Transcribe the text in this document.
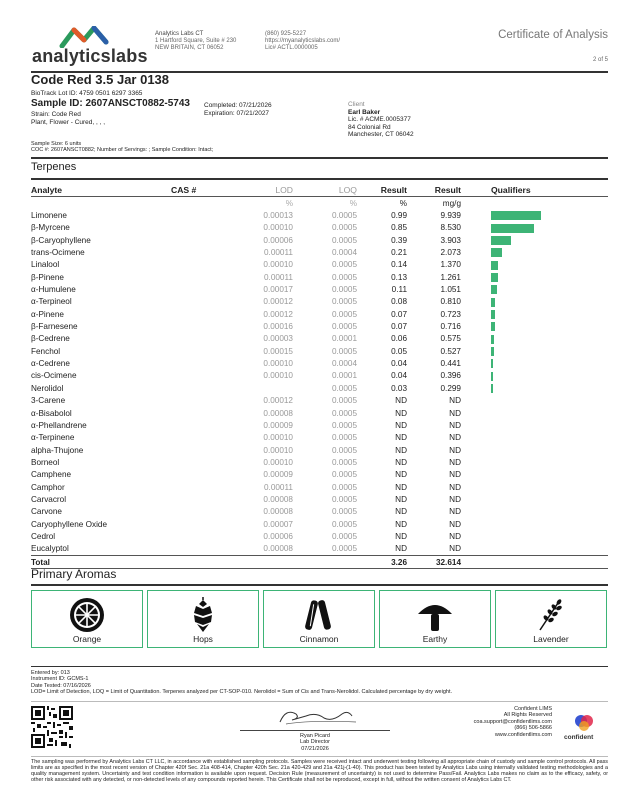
analyticslabs
Analytics Labs CT
1 Hartford Square, Suite # 230
NEW BRITAIN, CT 06052
(860) 925-5227
https://myanalyticslabs.com/
Lic# ACTL.0000005
Certificate of Analysis
2 of 5
Code Red 3.5 Jar 0138
BioTrack Lot ID: 4759 0501 6297 3365
Sample ID: 2607ANSCT0882-5743
Strain: Code Red
Plant, Flower - Cured, , , ,
Completed: 07/21/2026
Expiration: 07/21/2027
Client
Earl Baker
Lic. # ACME.0005377
84 Colonial Rd
Manchester, CT 06042
Sample Size: 6 units
COC #: 2607ANSCT0882; Number of Servings: ; Sample Condition: Intact;
Terpenes
Analyte	CAS #	LOD	LOQ	Result	Result	Qualifiers
		%	%	%	mg/g	
Limonene		0.00013	0.0005	0.99	9.939	
β-Myrcene		0.00010	0.0005	0.85	8.530	
β-Caryophyllene		0.00006	0.0005	0.39	3.903	
trans-Ocimene		0.00011	0.0004	0.21	2.073	
Linalool		0.00010	0.0005	0.14	1.370	
β-Pinene		0.00011	0.0005	0.13	1.261	
α-Humulene		0.00017	0.0005	0.11	1.051	
α-Terpineol		0.00012	0.0005	0.08	0.810	
α-Pinene		0.00012	0.0005	0.07	0.723	
β-Farnesene		0.00016	0.0005	0.07	0.716	
β-Cedrene		0.00003	0.0001	0.06	0.575	
Fenchol		0.00015	0.0005	0.05	0.527	
α-Cedrene		0.00010	0.0004	0.04	0.441	
cis-Ocimene		0.00010	0.0001	0.04	0.396	
Nerolidol			0.0005	0.03	0.299	
3-Carene		0.00012	0.0005	ND	ND	
α-Bisabolol		0.00008	0.0005	ND	ND	
α-Phellandrene		0.00009	0.0005	ND	ND	
α-Terpinene		0.00010	0.0005	ND	ND	
alpha-Thujone		0.00010	0.0005	ND	ND	
Borneol		0.00010	0.0005	ND	ND	
Camphene		0.00009	0.0005	ND	ND	
Camphor		0.00011	0.0005	ND	ND	
Carvacrol		0.00008	0.0005	ND	ND	
Carvone		0.00008	0.0005	ND	ND	
Caryophyllene Oxide		0.00007	0.0005	ND	ND	
Cedrol		0.00006	0.0005	ND	ND	
Eucalyptol		0.00008	0.0005	ND	ND	
Total				3.26	32.614	
Primary Aromas
Orange	Hops	Cinnamon	Earthy	Lavender
Entered by: 013
Instrument ID: GCMS-1
Date Tested: 07/16/2026
LOD= Limit of Detection, LOQ = Limit of Quantitation. Terpenes analyzed per CT-SOP-010. Nerolidol = Sum of Cis and Trans-Nerolidol. Calculated percentage by dry weight.
Ryan Picard
Lab Director
07/21/2026
Confident LIMS
All Rights Reserved
coa.support@confidentlims.com
(866) 506-5866
www.confidentlims.com confident
The sampling was performed by Analytics Labs CT LLC, in accordance with established sampling protocols. Samples were received intact and underwent testing following all appropriate chain of custody and sample control protocols. All pass limits are as specified in the most recent version of Chapter 420f Sec. 21a 408-414, Chapter 420h Sec. 21a 420-429 and 21a 421j-(1-40). This product has been tested by Analytics Labs using internally validated testing methodologies and a quality management system. Uncertainty and test condition information is available upon request. Decision Rule (measurement of uncertainty) is not used to determine Pass/Fail. Analytics Labs makes no claim as to the efficacy, safety, or other risk associated with any detected, or non-detected levels of any compounds reported herein. This Certificate shall not be reproduced, except in full, without the written consent of Analytics Labs CT.
